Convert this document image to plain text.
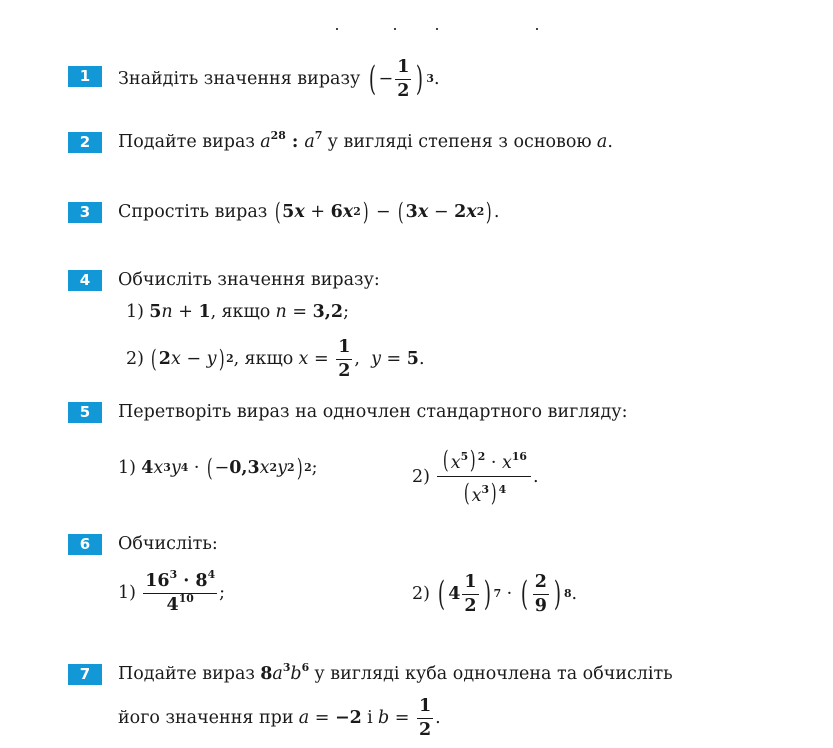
1	Знайдіть значення виразу ( − $\frac{1}{2}$ ) 3 .
2	Подайте вираз $a^{28}$ : $a^7$ у вигляді степеня з основою a .
3	Спростіть вираз ( 5 x + 6 x 2 ) − ( 3 x − 2 x 2 ) .
4	Обчисліть значення виразу:
1) 5n + 1, якщо n = 3,2;
2) ( 2 x − y ) 2 , якщо $x = \frac{1}{2}$ , y = 5 .
5	Перетворіть вираз на одночлен стандартного вигляду:
1) 4 x 3 y 4 · ( − 0,3 x 2 y 2 ) 2 ;	$2) \frac{( x^5) ^2 \cdot x^{16}}{( x^3) ^4}$ .
6	Обчисліть:
$1) \frac{16^3 \cdot 8^4}{4^{10}}$ ;	2) ( $4 \frac{1}{2}$ ) 7 · ( $\frac{2}{9}$ ) 8 .
7	Подайте вираз $8a^3b^6$ у вигляді куба одночлена та обчисліть
його значення при a = −2 і $b = \frac{1}{2}$ .
